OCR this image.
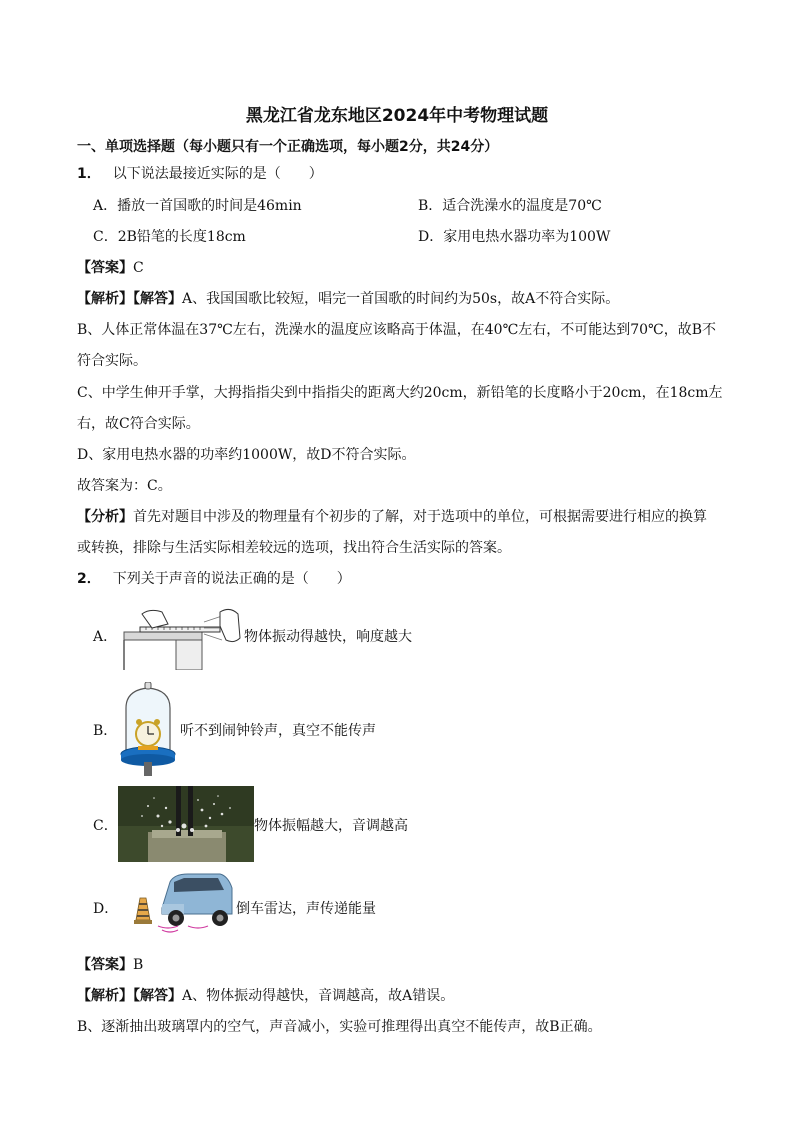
黑龙江省龙东地区2024年中考物理试题
一、单项选择题（每小题只有一个正确选项，每小题2分，共24分）
1． 以下说法最接近实际的是（　　）
A．播放一首国歌的时间是46min	B．适合洗澡水的温度是70℃
C．2B铅笔的长度18cm	D．家用电热水器功率为100W
【答案】C
【解析】【解答】A、我国国歌比较短，唱完一首国歌的时间约为50s，故A不符合实际。
B、人体正常体温在37℃左右，洗澡水的温度应该略高于体温，在40℃左右，不可能达到70℃，故B不
符合实际。
C、中学生伸开手掌，大拇指指尖到中指指尖的距离大约20cm，新铅笔的长度略小于20cm，在18cm左
右，故C符合实际。
D、家用电热水器的功率约1000W，故D不符合实际。
故答案为：C。
【分析】首先对题目中涉及的物理量有个初步的了解，对于选项中的单位，可根据需要进行相应的换算
或转换，排除与生活实际相差较远的选项，找出符合生活实际的答案。
2． 下列关于声音的说法正确的是（　　）
A．	物体振动得越快，响度越大
B．	听不到闹钟铃声，真空不能传声
C．	物体振幅越大，音调越高
D．	倒车雷达，声传递能量
【答案】B
【解析】【解答】A、物体振动得越快，音调越高，故A错误。
B、逐渐抽出玻璃罩内的空气，声音减小，实验可推理得出真空不能传声，故B正确。
